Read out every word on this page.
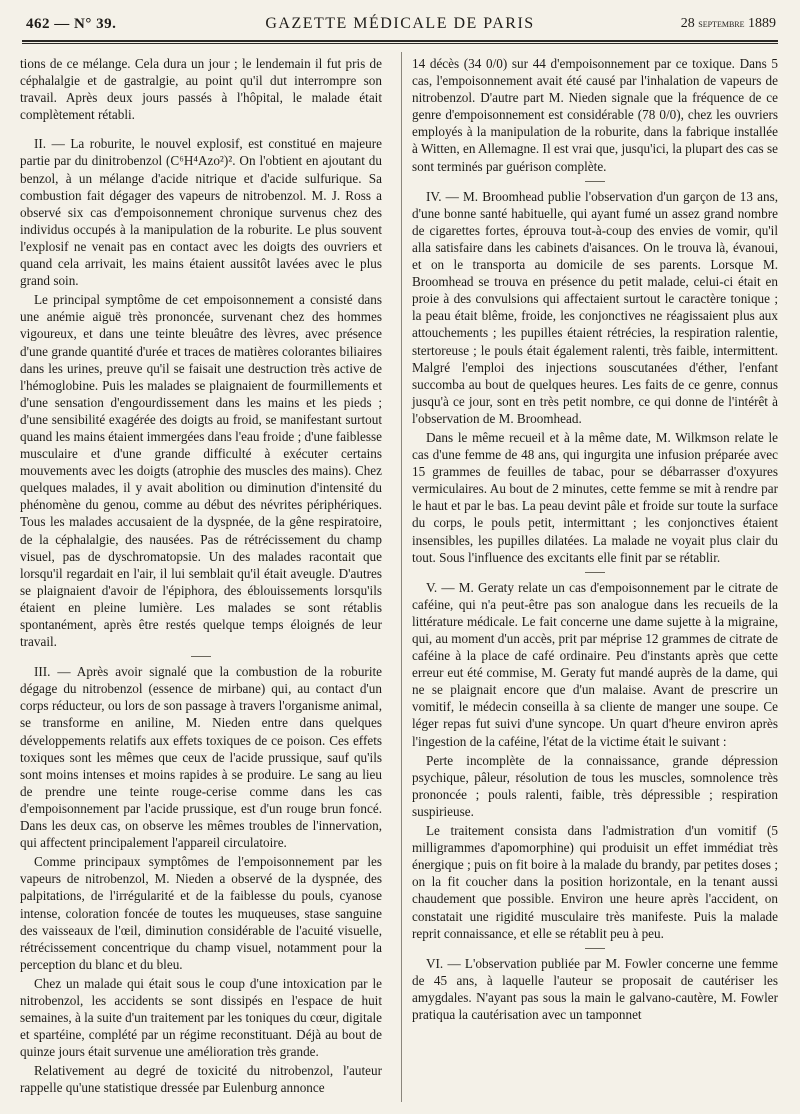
462 — N° 39.	GAZETTE MÉDICALE DE PARIS	28 septembre 1889

tions de ce mélange. Cela dura un jour ; le lendemain il fut pris de céphalalgie et de gastralgie, au point qu'il dut interrompre son travail. Après deux jours passés à l'hôpital, le malade était complètement rétabli.

II. — La roburite, le nouvel explosif, est constitué en majeure partie par du dinitrobenzol (C⁶H⁴Azo²)². On l'obtient en ajoutant du benzol, à un mélange d'acide nitrique et d'acide sulfurique. Sa combustion fait dégager des vapeurs de nitrobenzol. M. J. Ross a observé six cas d'empoisonnement chronique survenus chez des individus occupés à la manipulation de la roburite. Le plus souvent l'explosif ne venait pas en contact avec les doigts des ouvriers et quand cela arrivait, les mains étaient aussitôt lavées avec le plus grand soin.

Le principal symptôme de cet empoisonnement a consisté dans une anémie aiguë très prononcée, survenant chez des hommes vigoureux, et dans une teinte bleuâtre des lèvres, avec présence d'une grande quantité d'urée et traces de matières colorantes biliaires dans les urines, preuve qu'il se faisait une destruction très active de l'hémoglobine. Puis les malades se plaignaient de fourmillements et d'une sensation d'engourdissement dans les mains et les pieds ; d'une sensibilité exagérée des doigts au froid, se manifestant surtout quand les mains étaient immergées dans l'eau froide ; d'une faiblesse musculaire et d'une grande difficulté à exécuter certains mouvements avec les doigts (atrophie des muscles des mains). Chez quelques malades, il y avait abolition ou diminution d'intensité du phénomène du genou, comme au début des névrites périphériques. Tous les malades accusaient de la dyspnée, de la gêne respiratoire, de la céphalalgie, des nausées. Pas de rétrécissement du champ visuel, pas de dyschromatopsie. Un des malades racontait que lorsqu'il regardait en l'air, il lui semblait qu'il était aveugle. D'autres se plaignaient d'avoir de l'épiphora, des éblouissements lorsqu'ils étaient en pleine lumière. Les malades se sont rétablis spontanément, après être restés quelque temps éloignés de leur travail.

III. — Après avoir signalé que la combustion de la roburite dégage du nitrobenzol (essence de mirbane) qui, au contact d'un corps réducteur, ou lors de son passage à travers l'organisme animal, se transforme en aniline, M. Nieden entre dans quelques développements relatifs aux effets toxiques de ce poison. Ces effets toxiques sont les mêmes que ceux de l'acide prussique, sauf qu'ils sont moins intenses et moins rapides à se produire. Le sang au lieu de prendre une teinte rouge-cerise comme dans les cas d'empoisonnement par l'acide prussique, est d'un rouge brun foncé. Dans les deux cas, on observe les mêmes troubles de l'innervation, qui affectent principalement l'appareil circulatoire.

Comme principaux symptômes de l'empoisonnement par les vapeurs de nitrobenzol, M. Nieden a observé de la dyspnée, des palpitations, de l'irrégularité et de la faiblesse du pouls, cyanose intense, coloration foncée de toutes les muqueuses, stase sanguine des vaisseaux de l'œil, diminution considérable de l'acuité visuelle, rétrécissement concentrique du champ visuel, notamment pour la perception du blanc et du bleu.

Chez un malade qui était sous le coup d'une intoxication par le nitrobenzol, les accidents se sont dissipés en l'espace de huit semaines, à la suite d'un traitement par les toniques du cœur, digitale et spartéine, complété par un régime reconstituant. Déjà au bout de quinze jours était survenue une amélioration très grande.

Relativement au degré de toxicité du nitrobenzol, l'auteur rappelle qu'une statistique dressée par Eulenburg annonce

14 décès (34 0/0) sur 44 d'empoisonnement par ce toxique. Dans 5 cas, l'empoisonnement avait été causé par l'inhalation de vapeurs de nitrobenzol. D'autre part M. Nieden signale que la fréquence de ce genre d'empoisonnement est considérable (78 0/0), chez les ouvriers employés à la manipulation de la roburite, dans la fabrique installée à Witten, en Allemagne. Il est vrai que, jusqu'ici, la plupart des cas se sont terminés par guérison complète.

IV. — M. Broomhead publie l'observation d'un garçon de 13 ans, d'une bonne santé habituelle, qui ayant fumé un assez grand nombre de cigarettes fortes, éprouva tout-à-coup des envies de vomir, qu'il alla satisfaire dans les cabinets d'aisances. On le trouva là, évanoui, et on le transporta au domicile de ses parents. Lorsque M. Broomhead se trouva en présence du petit malade, celui-ci était en proie à des convulsions qui affectaient surtout le caractère tonique ; la peau était blême, froide, les conjonctives ne réagissaient plus aux attouchements ; les pupilles étaient rétrécies, la respiration ralentie, stertoreuse ; le pouls était également ralenti, très faible, intermittent. Malgré l'emploi des injections souscutanées d'éther, l'enfant succomba au bout de quelques heures. Les faits de ce genre, connus jusqu'à ce jour, sont en très petit nombre, ce qui donne de l'intérêt à l'observation de M. Broomhead.

Dans le même recueil et à la même date, M. Wilkmson relate le cas d'une femme de 48 ans, qui ingurgita une infusion préparée avec 15 grammes de feuilles de tabac, pour se débarrasser d'oxyures vermiculaires. Au bout de 2 minutes, cette femme se mit à rendre par le haut et par le bas. La peau devint pâle et froide sur toute la surface du corps, le pouls petit, intermittant ; les conjonctives étaient insensibles, les pupilles dilatées. La malade ne voyait plus clair du tout. Sous l'influence des excitants elle finit par se rétablir.

V. — M. Geraty relate un cas d'empoisonnement par le citrate de caféine, qui n'a peut-être pas son analogue dans les recueils de la littérature médicale. Le fait concerne une dame sujette à la migraine, qui, au moment d'un accès, prit par méprise 12 grammes de citrate de caféine à la place de café ordinaire. Peu d'instants après que cette erreur eut été commise, M. Geraty fut mandé auprès de la dame, qui ne se plaignait encore que d'un malaise. Avant de prescrire un vomitif, le médecin conseilla à sa cliente de manger une soupe. Ce léger repas fut suivi d'une syncope. Un quart d'heure environ après l'ingestion de la caféine, l'état de la victime était le suivant :

Perte incomplète de la connaissance, grande dépression psychique, pâleur, résolution de tous les muscles, somnolence très prononcée ; pouls ralenti, faible, très dépressible ; respiration suspirieuse.

Le traitement consista dans l'admistration d'un vomitif (5 milligrammes d'apomorphine) qui produisit un effet immédiat très énergique ; puis on fit boire à la malade du brandy, par petites doses ; on la fit coucher dans la position horizontale, en la tenant aussi chaudement que possible. Environ une heure après l'accident, on constatait une rigidité musculaire très manifeste. Puis la malade reprit connaissance, et elle se rétablit peu à peu.

VI. — L'observation publiée par M. Fowler concerne une femme de 45 ans, à laquelle l'auteur se proposait de cautériser les amygdales. N'ayant pas sous la main le galvano-cautère, M. Fowler pratiqua la cautérisation avec un tamponnet
